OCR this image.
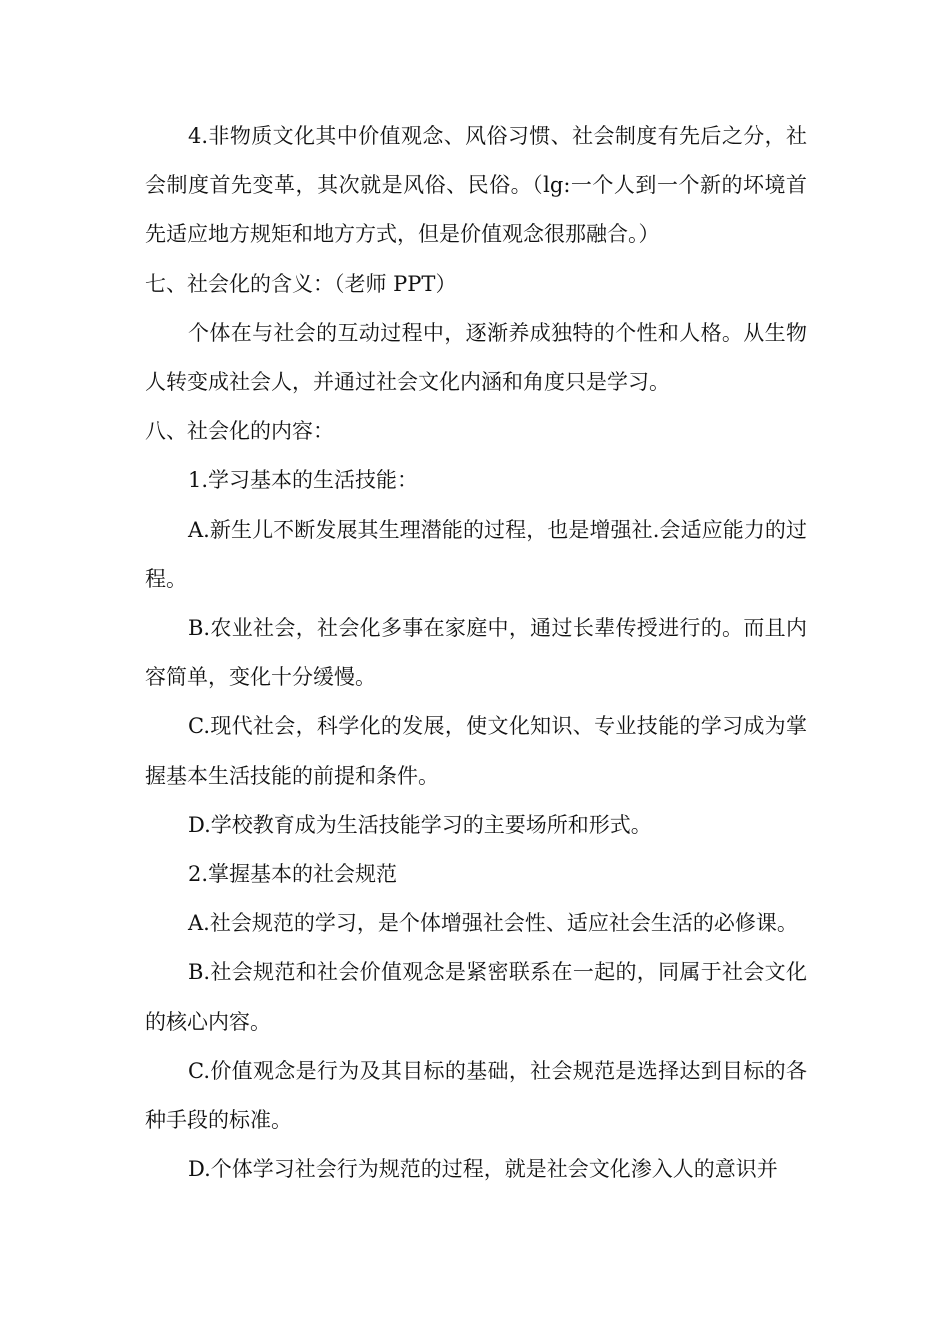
4.非物质文化其中价值观念、风俗习惯、社会制度有先后之分，社会制度首先变革，其次就是风俗、民俗。（lg:一个人到一个新的坏境首先适应地方规矩和地方方式，但是价值观念很那融合。）

七、社会化的含义：（老师 PPT）

个体在与社会的互动过程中，逐渐养成独特的个性和人格。从生物人转变成社会人，并通过社会文化内涵和角度只是学习。

八、社会化的内容：

1.学习基本的生活技能：

A.新生儿不断发展其生理潜能的过程，也是增强社.会适应能力的过程。

B.农业社会，社会化多事在家庭中，通过长辈传授进行的。而且内容简单，变化十分缓慢。

C.现代社会，科学化的发展，使文化知识、专业技能的学习成为掌握基本生活技能的前提和条件。

D.学校教育成为生活技能学习的主要场所和形式。

2.掌握基本的社会规范

A.社会规范的学习，是个体增强社会性、适应社会生活的必修课。

B.社会规范和社会价值观念是紧密联系在一起的，同属于社会文化的核心内容。

C.价值观念是行为及其目标的基础，社会规范是选择达到目标的各种手段的标准。

D.个体学习社会行为规范的过程，就是社会文化渗入人的意识并
